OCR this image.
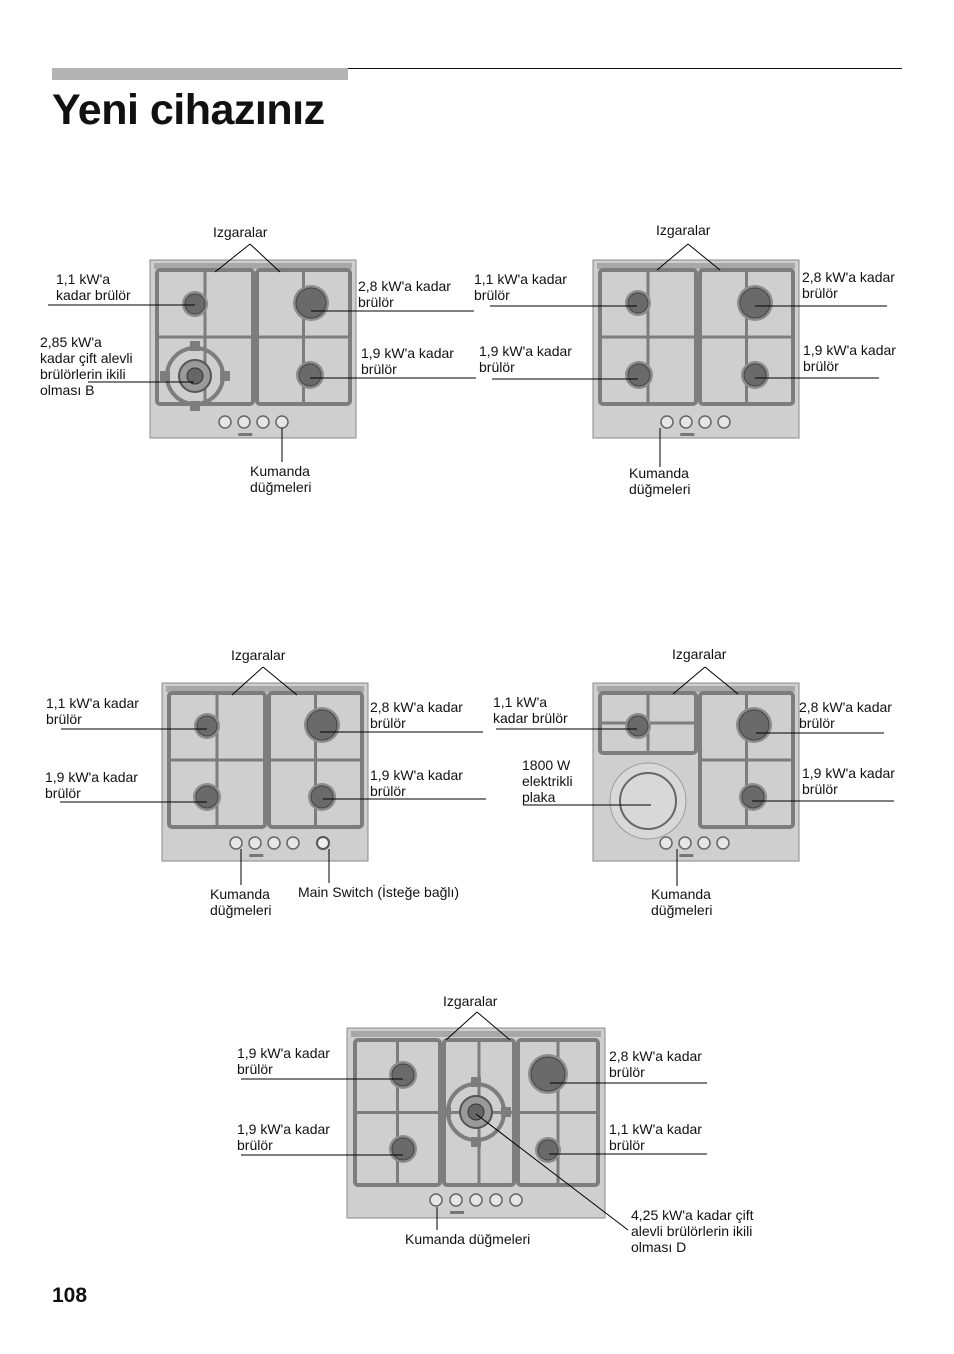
Yeni cihazınız
Izgaralar
1,1 kW'a
kadar brülör
2,8 kW'a kadar
brülör
2,85 kW'a
kadar çift alevli
brülörlerin ikili
olması B
1,9 kW'a kadar
brülör
Kumanda
düğmeleri
Izgaralar
1,1 kW'a kadar
brülör
2,8 kW'a kadar
brülör
1,9 kW'a kadar
brülör
1,9 kW'a kadar
brülör
Kumanda
düğmeleri
Izgaralar
1,1 kW'a kadar
brülör
2,8 kW'a kadar
brülör
1,9 kW'a kadar
brülör
1,9 kW'a kadar
brülör
Kumanda
düğmeleri
Main Switch (İsteğe bağlı)
Izgaralar
1,1 kW'a
kadar brülör
2,8 kW'a kadar
brülör
1800 W
elektrikli
plaka
1,9 kW'a kadar
brülör
Kumanda
düğmeleri
Izgaralar
1,9 kW'a kadar
brülör
2,8 kW'a kadar
brülör
1,9 kW'a kadar
brülör
1,1 kW'a kadar
brülör
4,25 kW'a kadar çift
alevli brülörlerin ikili
olması D
Kumanda düğmeleri
108
